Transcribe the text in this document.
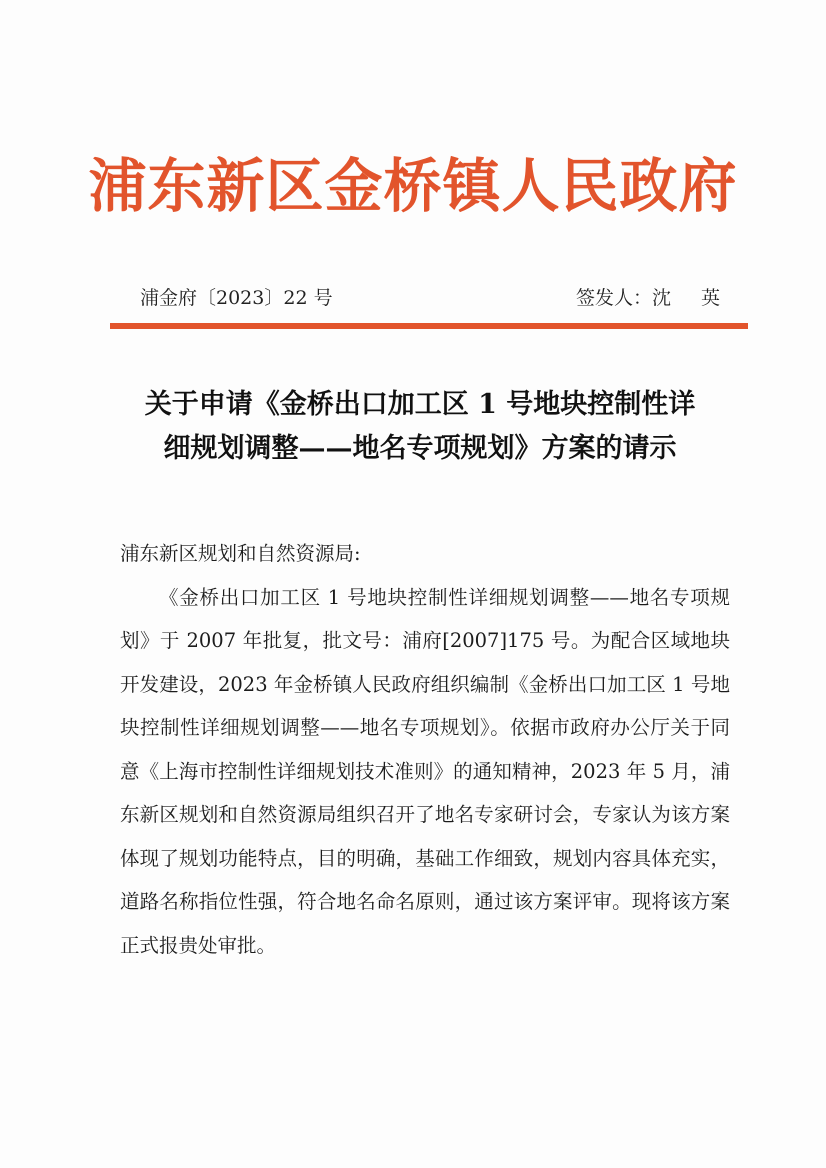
浦东新区金桥镇人民政府
浦金府〔2023〕22 号	签发人：沈 英
关于申请《金桥出口加工区 1 号地块控制性详
细规划调整——地名专项规划》方案的请示

浦东新区规划和自然资源局:

《金桥出口加工区 1 号地块控制性详细规划调整——地名专项规划》于 2007 年批复，批文号：浦府[2007]175 号。为配合区域地块开发建设，2023 年金桥镇人民政府组织编制《金桥出口加工区 1 号地块控制性详细规划调整——地名专项规划》。依据市政府办公厅关于同意《上海市控制性详细规划技术准则》的通知精神，2023 年 5 月，浦东新区规划和自然资源局组织召开了地名专家研讨会，专家认为该方案体现了规划功能特点，目的明确，基础工作细致，规划内容具体充实，道路名称指位性强，符合地名命名原则，通过该方案评审。现将该方案正式报贵处审批。
